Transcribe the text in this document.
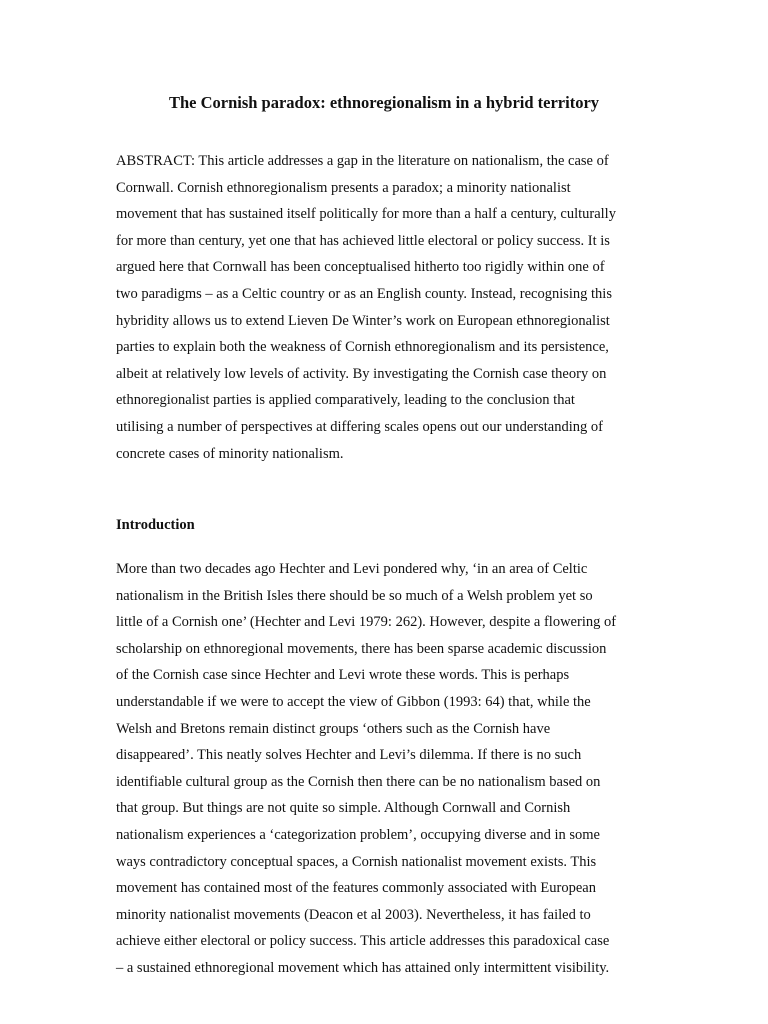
The Cornish paradox: ethnoregionalism in a hybrid territory

ABSTRACT: This article addresses a gap in the literature on nationalism, the case of
Cornwall. Cornish ethnoregionalism presents a paradox; a minority nationalist
movement that has sustained itself politically for more than a half a century, culturally
for more than century, yet one that has achieved little electoral or policy success. It is
argued here that Cornwall has been conceptualised hitherto too rigidly within one of
two paradigms – as a Celtic country or as an English county. Instead, recognising this
hybridity allows us to extend Lieven De Winter’s work on European ethnoregionalist
parties to explain both the weakness of Cornish ethnoregionalism and its persistence,
albeit at relatively low levels of activity. By investigating the Cornish case theory on
ethnoregionalist parties is applied comparatively, leading to the conclusion that
utilising a number of perspectives at differing scales opens out our understanding of
concrete cases of minority nationalism.

Introduction

More than two decades ago Hechter and Levi pondered why, ‘in an area of Celtic
nationalism in the British Isles there should be so much of a Welsh problem yet so
little of a Cornish one’ (Hechter and Levi 1979: 262). However, despite a flowering of
scholarship on ethnoregional movements, there has been sparse academic discussion
of the Cornish case since Hechter and Levi wrote these words. This is perhaps
understandable if we were to accept the view of Gibbon (1993: 64) that, while the
Welsh and Bretons remain distinct groups ‘others such as the Cornish have
disappeared’. This neatly solves Hechter and Levi’s dilemma. If there is no such
identifiable cultural group as the Cornish then there can be no nationalism based on
that group. But things are not quite so simple. Although Cornwall and Cornish
nationalism experiences a ‘categorization problem’, occupying diverse and in some
ways contradictory conceptual spaces, a Cornish nationalist movement exists. This
movement has contained most of the features commonly associated with European
minority nationalist movements (Deacon et al 2003). Nevertheless, it has failed to
achieve either electoral or policy success. This article addresses this paradoxical case
– a sustained ethnoregional movement which has attained only intermittent visibility.
